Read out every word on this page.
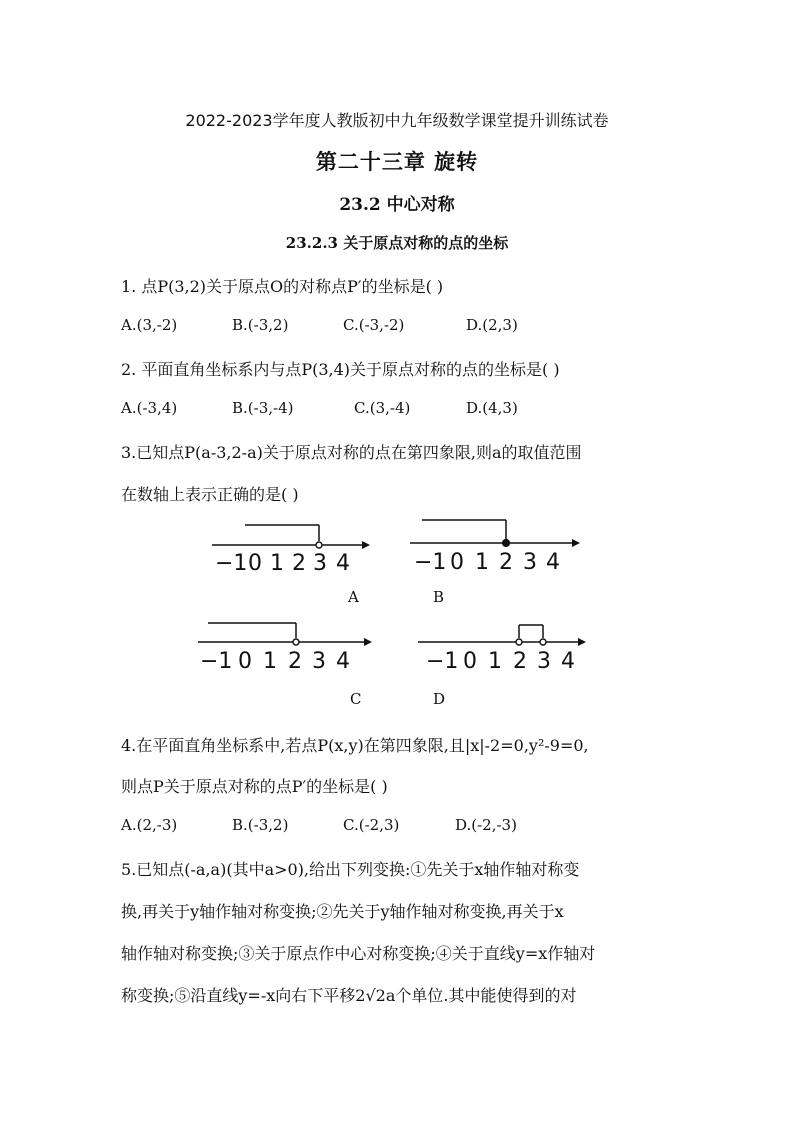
2022-2023学年度人教版初中九年级数学课堂提升训练试卷
第二十三章 旋转
23.2 中心对称
23.2.3 关于原点对称的点的坐标
1. 点P(3,2)关于原点O的对称点P′的坐标是( )
A.(3,-2)	B.(-3,2)	C.(-3,-2)	D.(2,3)
2. 平面直角坐标系内与点P(3,4)关于原点对称的点的坐标是( )
A.(-3,4)	B.(-3,-4)	C.(3,-4)	D.(4,3)
3.已知点P(a-3,2-a)关于原点对称的点在第四象限,则a的取值范围
在数轴上表示正确的是( )
−1 0 1 2 3 4
A
−1 0 1 2 3 4
B
−1 0 1 2 3 4
C
−1 0 1 2 3 4
D
4.在平面直角坐标系中,若点P(x,y)在第四象限,且|x|-2=0,y²-9=0,
则点P关于原点对称的点P′的坐标是( )
A.(2,-3)	B.(-3,2)	C.(-2,3)	D.(-2,-3)
5.已知点(-a,a)(其中a>0),给出下列变换:①先关于x轴作轴对称变
换,再关于y轴作轴对称变换;②先关于y轴作轴对称变换,再关于x
轴作轴对称变换;③关于原点作中心对称变换;④关于直线y=x作轴对
称变换;⑤沿直线y=-x向右下平移2√2a个单位.其中能使得到的对
